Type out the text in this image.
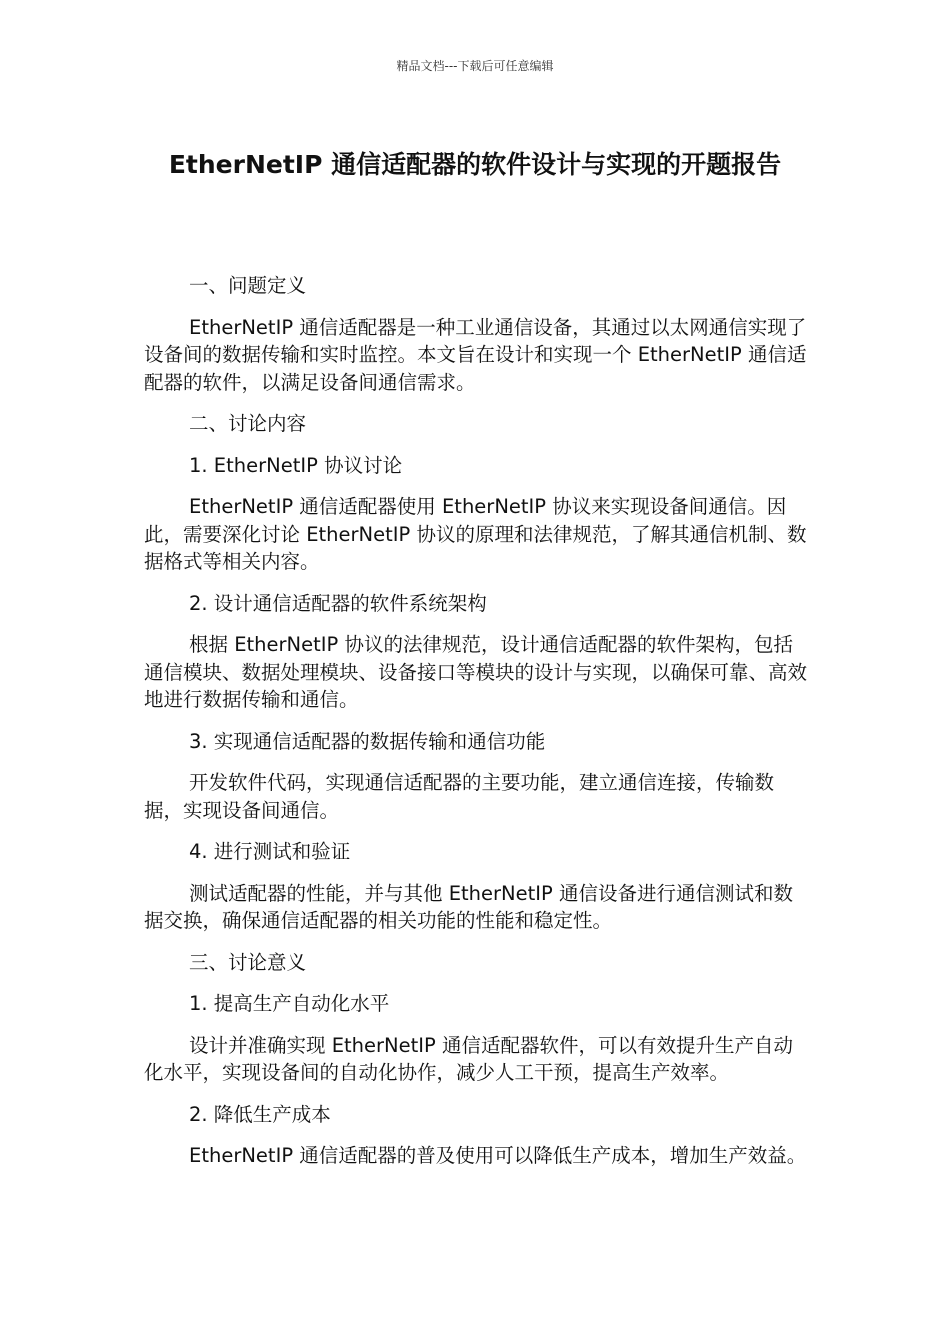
精品文档---下载后可任意编辑
EtherNetIP 通信适配器的软件设计与实现的开题报告

一、问题定义

EtherNetIP 通信适配器是一种工业通信设备，其通过以太网通信实现了设备间的数据传输和实时监控。本文旨在设计和实现一个 EtherNetIP 通信适配器的软件，以满足设备间通信需求。

二、讨论内容

1. EtherNetIP 协议讨论

EtherNetIP 通信适配器使用 EtherNetIP 协议来实现设备间通信。因此，需要深化讨论 EtherNetIP 协议的原理和法律规范，了解其通信机制、数据格式等相关内容。

2. 设计通信适配器的软件系统架构

根据 EtherNetIP 协议的法律规范，设计通信适配器的软件架构，包括通信模块、数据处理模块、设备接口等模块的设计与实现，以确保可靠、高效地进行数据传输和通信。

3. 实现通信适配器的数据传输和通信功能

开发软件代码，实现通信适配器的主要功能，建立通信连接，传输数据，实现设备间通信。

4. 进行测试和验证

测试适配器的性能，并与其他 EtherNetIP 通信设备进行通信测试和数据交换，确保通信适配器的相关功能的性能和稳定性。

三、讨论意义

1. 提高生产自动化水平

设计并准确实现 EtherNetIP 通信适配器软件，可以有效提升生产自动化水平，实现设备间的自动化协作，减少人工干预，提高生产效率。

2. 降低生产成本

EtherNetIP 通信适配器的普及使用可以降低生产成本，增加生产效益。
